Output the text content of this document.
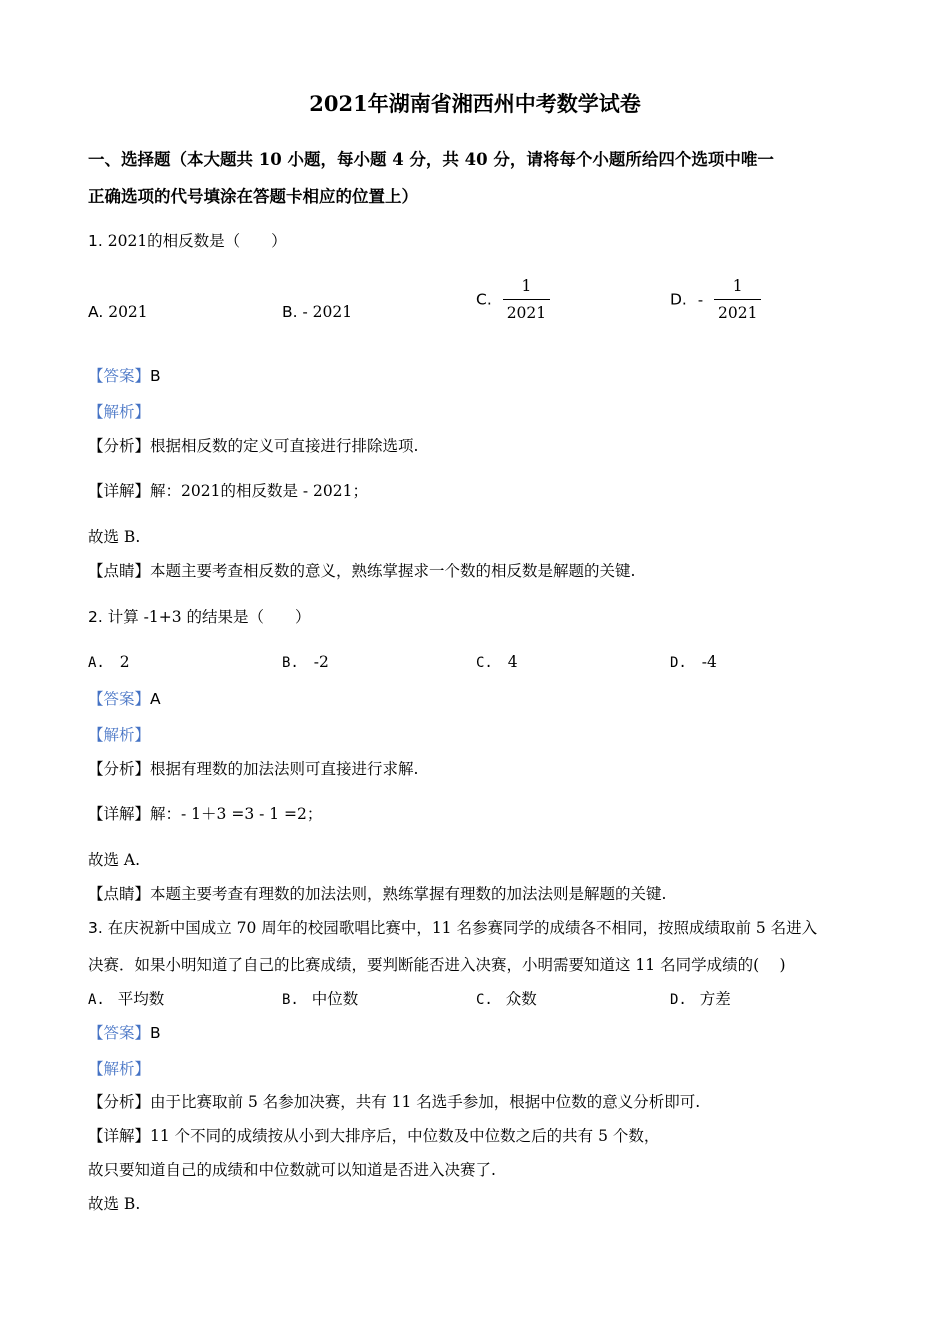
2021年湖南省湘西州中考数学试卷
一、选择题（本大题共 10 小题，每小题 4 分，共 40 分，请将每个小题所给四个选项中唯一
正确选项的代号填涂在答题卡相应的位置上）
1. 2021的相反数是（　　）
A. 2021	B. - 2021
C. $\frac{1}{2021}$	D. - $\frac{1}{2021}$
【答案】B
【解析】
【分析】根据相反数的定义可直接进行排除选项.
【详解】解：2021的相反数是 - 2021；
故选 B.
【点睛】本题主要考查相反数的意义，熟练掌握求一个数的相反数是解题的关键.
2. 计算 -1+3 的结果是（　　）
A. 2	B. -2	C. 4	D. -4
【答案】A
【解析】
【分析】根据有理数的加法法则可直接进行求解.
【详解】解：- 1＋3 =3 - 1 =2；
故选 A.
【点睛】本题主要考查有理数的加法法则，熟练掌握有理数的加法法则是解题的关键.
3. 在庆祝新中国成立 70 周年的校园歌唱比赛中，11 名参赛同学的成绩各不相同，按照成绩取前 5 名进入
决赛．如果小明知道了自己的比赛成绩，要判断能否进入决赛，小明需要知道这 11 名同学成绩的(　 )
A. 平均数	B. 中位数	C. 众数	D. 方差
【答案】B
【解析】
【分析】由于比赛取前 5 名参加决赛，共有 11 名选手参加，根据中位数的意义分析即可.
【详解】11 个不同的成绩按从小到大排序后，中位数及中位数之后的共有 5 个数，
故只要知道自己的成绩和中位数就可以知道是否进入决赛了.
故选 B.
